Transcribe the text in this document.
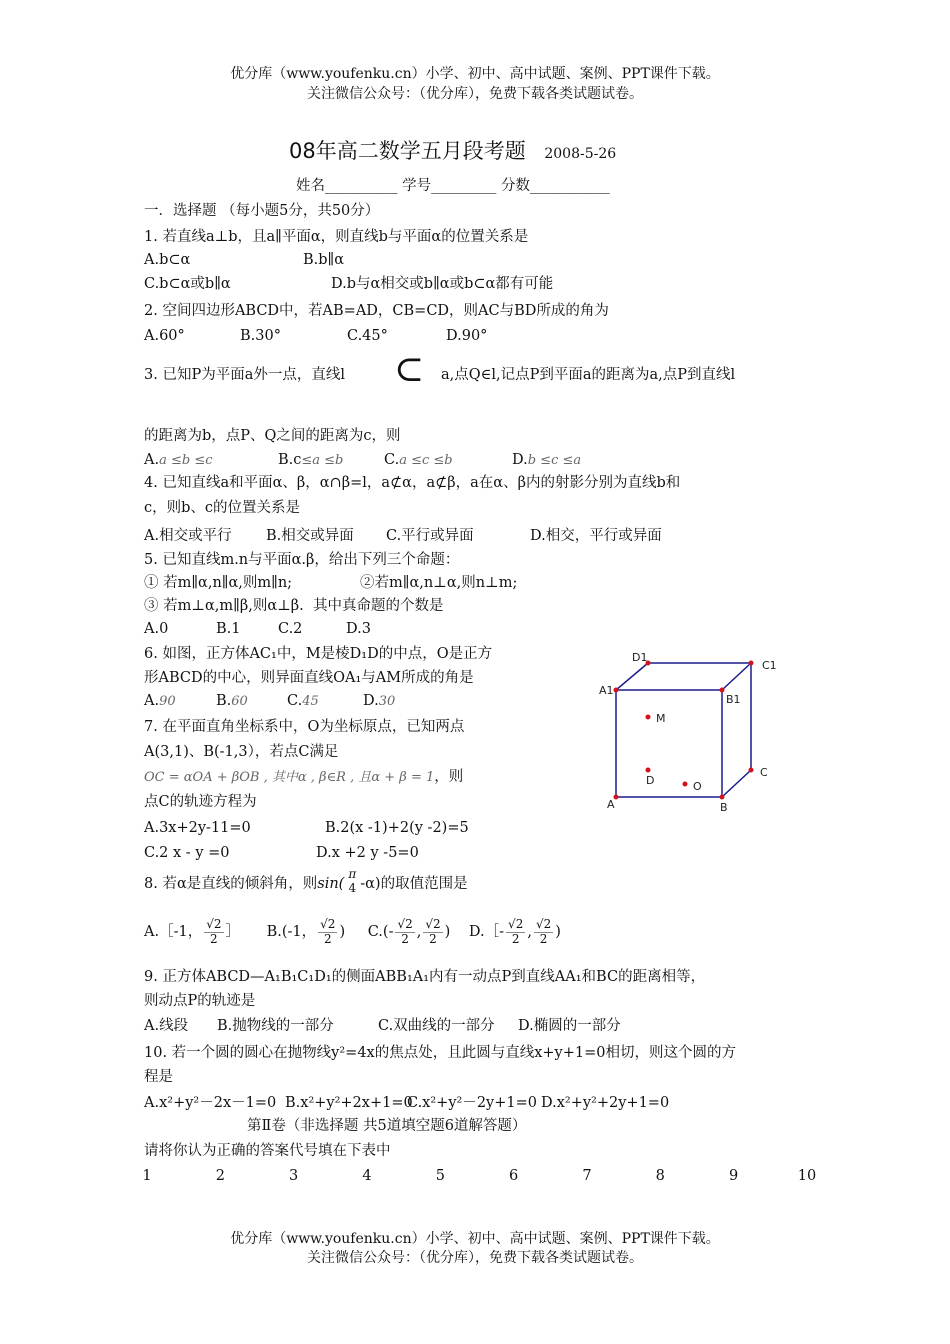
优分库（www.youfenku.cn）小学、初中、高中试题、案例、PPT课件下载。
关注微信公众号：（优分库），免费下载各类试题试卷。
08年高二数学五月段考题 2008-5-26
姓名__________ 学号_________ 分数___________
一．选择题 （每小题5分，共50分）
1. 若直线a⊥b，且a∥平面α，则直线b与平面α的位置关系是
A.b⊂α	B.b∥α
C.b⊂α或b∥α	D.b与α相交或b∥α或b⊂α都有可能
2. 空间四边形ABCD中，若AB=AD，CB=CD，则AC与BD所成的角为
A.60°	B.30°	C.45°	D.90°
3. 已知P为平面a外一点，直线l ⊂ a,点Q∈l,记点P到平面a的距离为a,点P到直线l
的距离为b，点P、Q之间的距离为c，则
A.a ≤b ≤c	B.c≤a ≤b	C.a ≤c ≤b	D.b ≤c ≤a
4. 已知直线a和平面α、β，α∩β=l，a⊄α，a⊄β，a在α、β内的射影分别为直线b和
c，则b、c的位置关系是
A.相交或平行 B.相交或异面 C.平行或异面	D.相交，平行或异面
5. 已知直线m.n与平面α.β，给出下列三个命题：
① 若m∥α,n∥α,则m∥n;	②若m∥α,n⊥α,则n⊥m;
③ 若m⊥α,m∥β,则α⊥β. 其中真命题的个数是
A.0	B.1	C.2	D.3
6. 如图，正方体AC₁中，M是棱D₁D的中点，O是正方
形ABCD的中心，则异面直线OA₁与AM所成的角是
A.90	B.60	C.45	D.30
D1
C1
A1
B1
M
D	O
C
A	B
7. 在平面直角坐标系中，O为坐标原点，已知两点
A(3,1)、B(-1,3），若点C满足
OC = αOA + βOB , 其中α , β∈R , 且α + β = 1，则
点C的轨迹方程为
A.3x+2y-11=0	B.2(x -1)+2(y -2)=5
C.2 x - y =0	D.x +2 y -5=0
8. 若α是直线的倾斜角，则sin(
π
4 -α)的取值范围是
A.［-1， $\frac{√2}{2}$ ］ B.(-1， $\frac{√2}{2}$ ) $C.(- \frac{√2}{2}$ , $\frac{√2}{2}$ ) D.［- $\frac{√2}{2}$ , $\frac{√2}{2}$ )
9. 正方体ABCD—A₁B₁C₁D₁的侧面ABB₁A₁内有一动点P到直线AA₁和BC的距离相等，
则动点P的轨迹是
A.线段 B.抛物线的一部分	C.双曲线的一部分 D.椭圆的一部分
10. 若一个圆的圆心在抛物线y²=4x的焦点处，且此圆与直线x+y+1=0相切，则这个圆的方
程是
A.x²+y²－2x－1=0 B.x²+y²+2x+1=0
C.x²+y²－2y+1=0 D.x²+y²+2y+1=0
第Ⅱ卷（非选择题 共5道填空题6道解答题）
请将你认为正确的答案代号填在下表中
1	2	3	4	5	6	7	8	9	10
优分库（www.youfenku.cn）小学、初中、高中试题、案例、PPT课件下载。
关注微信公众号：（优分库），免费下载各类试题试卷。
